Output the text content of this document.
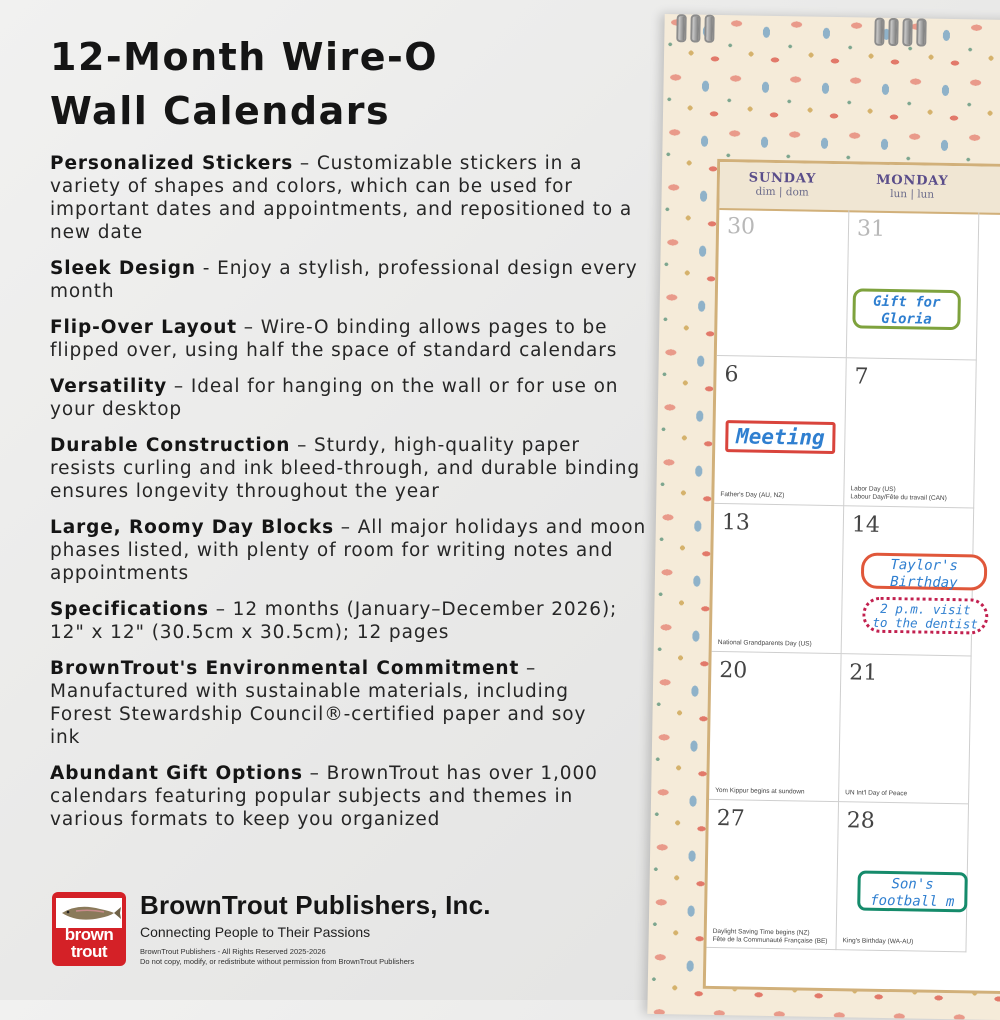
12-Month Wire-O
Wall Calendars
Personalized Stickers – Customizable stickers in a variety of shapes and colors, which can be used for important dates and appointments, and repositioned to a new date
Sleek Design - Enjoy a stylish, professional design every month
Flip-Over Layout – Wire-O binding allows pages to be flipped over, using half the space of standard calendars
Versatility – Ideal for hanging on the wall or for use on your desktop
Durable Construction – Sturdy, high-quality paper resists curling and ink bleed-through, and durable binding ensures longevity throughout the year
Large, Roomy Day Blocks – All major holidays and moon phases listed, with plenty of room for writing notes and appointments
Specifications – 12 months (January–December 2026); 12" x 12" (30.5cm x 30.5cm); 12 pages
BrownTrout's Environmental Commitment – Manufactured with sustainable materials, including Forest Stewardship Council®-certified paper and soy ink
Abundant Gift Options – BrownTrout has over 1,000 calendars featuring popular subjects and themes in various formats to keep you organized
brown
trout
BrownTrout Publishers, Inc.
Connecting People to Their Passions
BrownTrout Publishers - All Rights Reserved 2025-2026
Do not copy, modify, or redistribute without permission from BrownTrout Publishers
SUNDAY
dim | dom
MONDAY
lun | lun
30	31
6
Father's Day (AU, NZ)
7
Labor Day (US)
Labour Day/Fête du travail (CAN)
13
National Grandparents Day (US)
14
20
Yom Kippur begins at sundown
21
UN Int'l Day of Peace
27	28
King's Birthday (WA-AU)
Daylight Saving Time begins (NZ)
Fête de la Communauté Française (BE)
Gift for
Gloria
Meeting
Taylor's
Birthday
2 p.m. visit
to the dentist
Son's
football m
